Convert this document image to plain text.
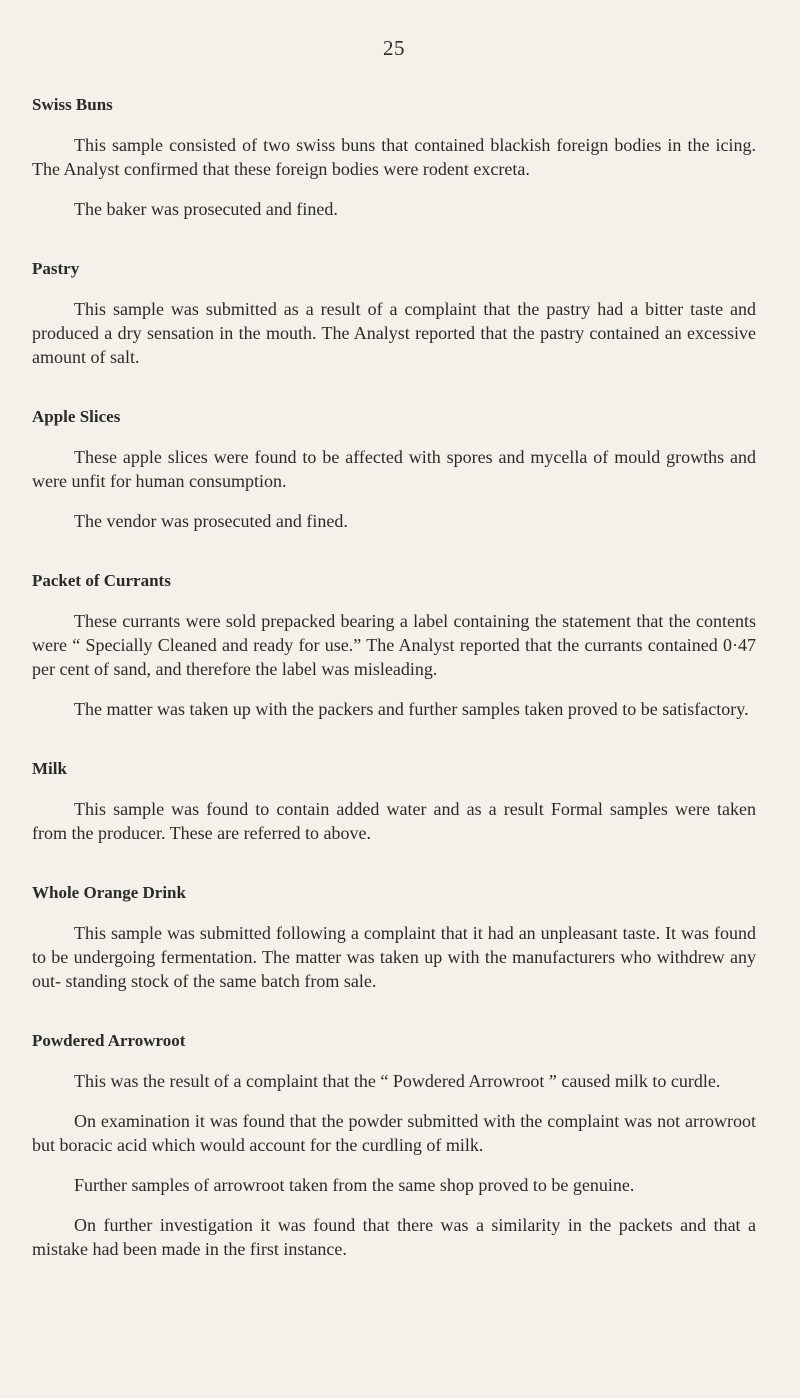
25
Swiss Buns

This sample consisted of two swiss buns that contained blackish foreign bodies in the icing. The Analyst confirmed that these foreign bodies were rodent excreta.

The baker was prosecuted and fined.

Pastry

This sample was submitted as a result of a complaint that the pastry had a bitter taste and produced a dry sensation in the mouth. The Analyst reported that the pastry contained an excessive amount of salt.

Apple Slices

These apple slices were found to be affected with spores and mycella of mould growths and were unfit for human consumption.

The vendor was prosecuted and fined.

Packet of Currants

These currants were sold prepacked bearing a label containing the statement that the contents were “ Specially Cleaned and ready for use.” The Analyst reported that the currants contained 0·47 per cent of sand, and therefore the label was misleading.

The matter was taken up with the packers and further samples taken proved to be satisfactory.

Milk

This sample was found to contain added water and as a result Formal samples were taken from the producer. These are referred to above.

Whole Orange Drink

This sample was submitted following a complaint that it had an unpleasant taste. It was found to be undergoing fermentation. The matter was taken up with the manufacturers who withdrew any out- standing stock of the same batch from sale.

Powdered Arrowroot

This was the result of a complaint that the “ Powdered Arrowroot ” caused milk to curdle.

On examination it was found that the powder submitted with the complaint was not arrowroot but boracic acid which would account for the curdling of milk.

Further samples of arrowroot taken from the same shop proved to be genuine.

On further investigation it was found that there was a similarity in the packets and that a mistake had been made in the first instance.
